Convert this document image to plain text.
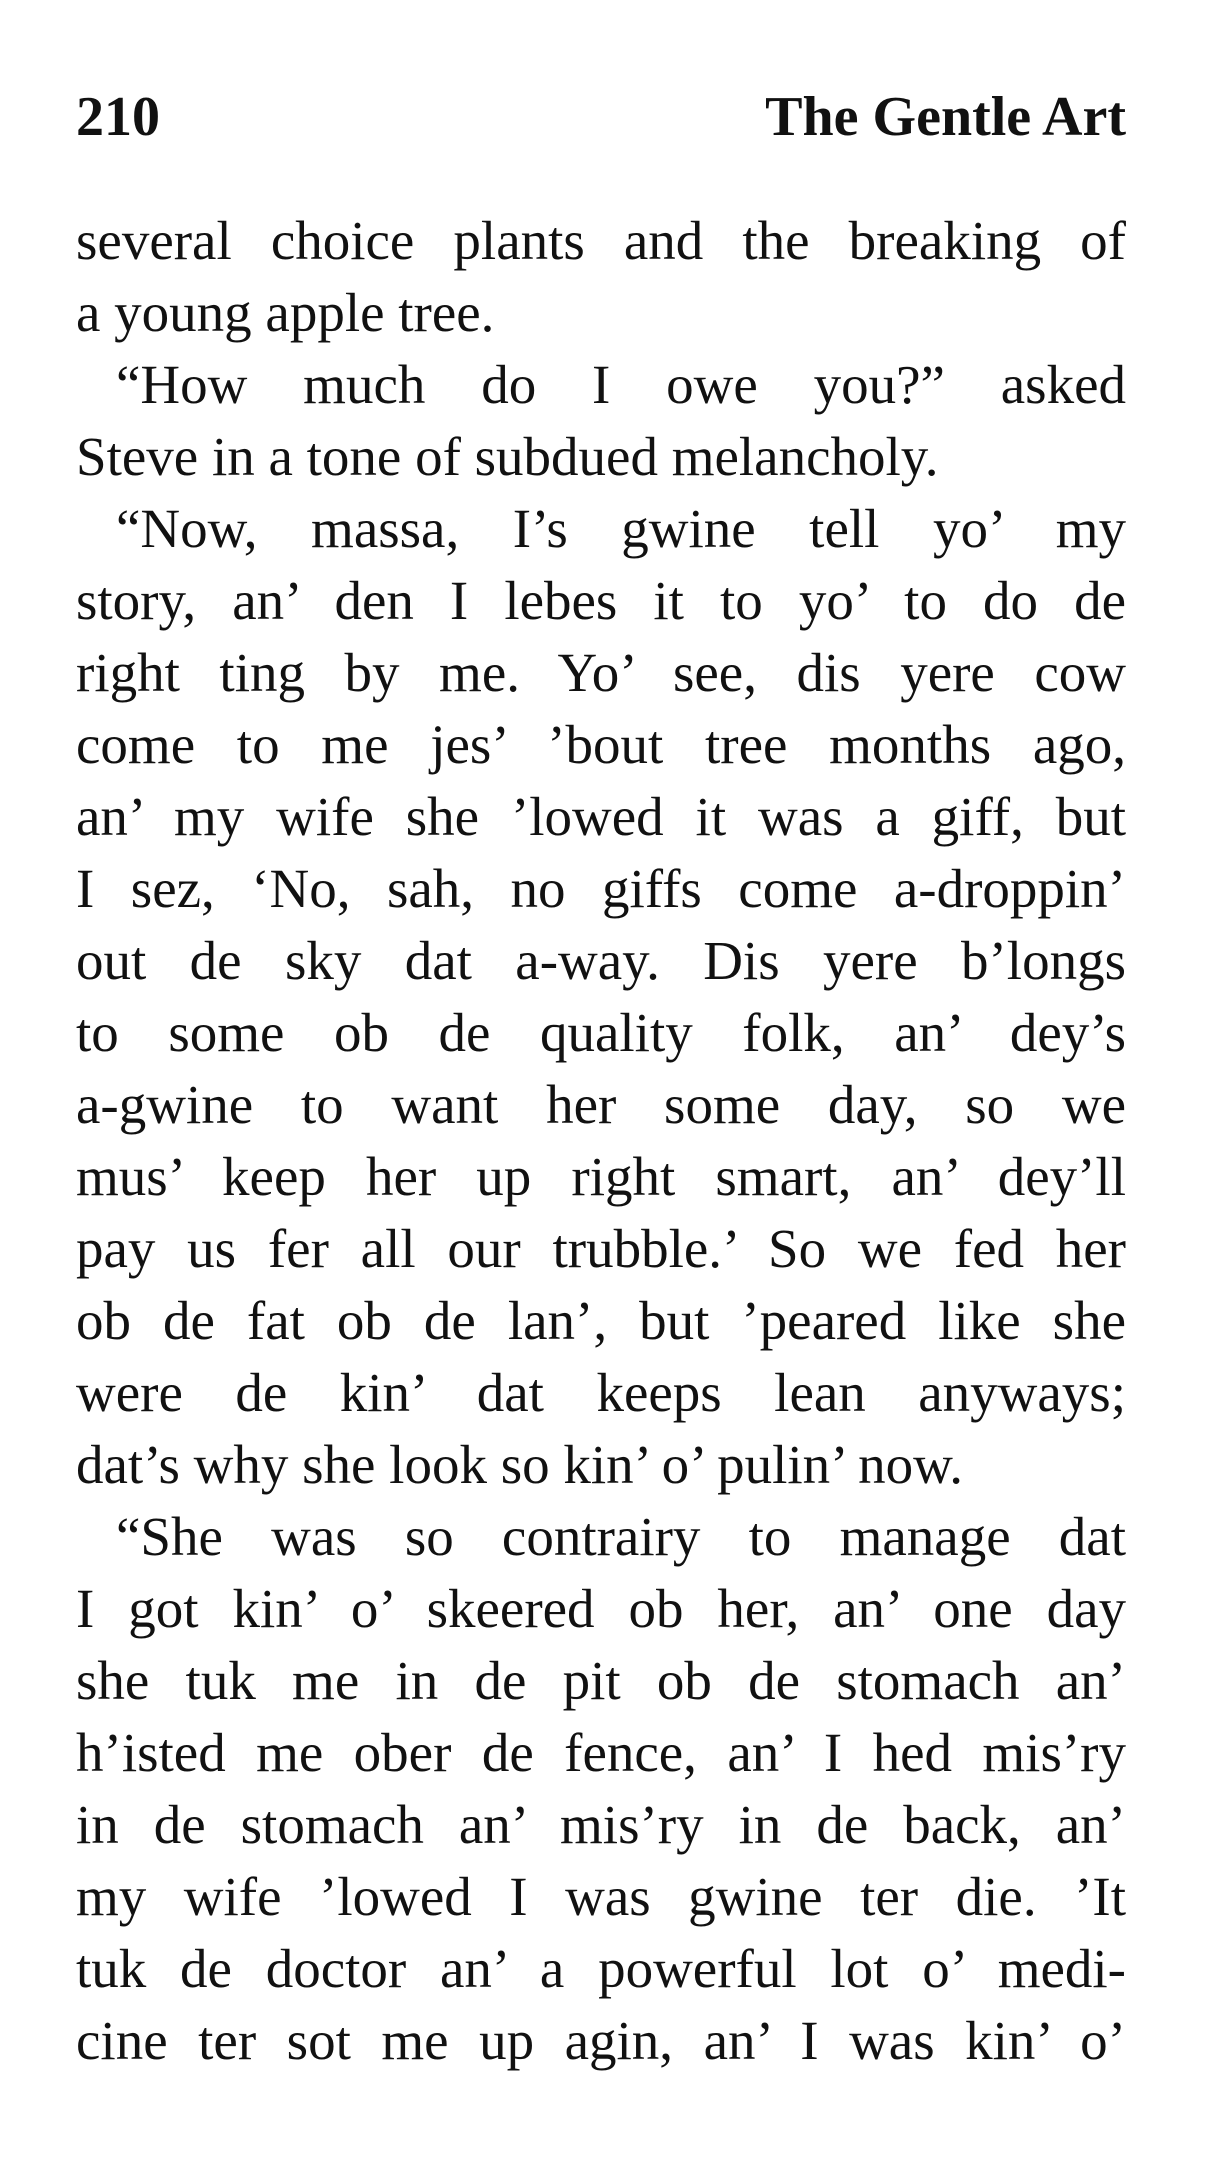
210	The Gentle Art
several choice plants and the breaking of
a young apple tree.
“How much do I owe you?” asked
Steve in a tone of subdued melancholy.
“Now, massa, I’s gwine tell yo’ my
story, an’ den I lebes it to yo’ to do de
right ting by me. Yo’ see, dis yere cow
come to me jes’ ’bout tree months ago,
an’ my wife she ’lowed it was a giff, but
I sez, ‘No, sah, no giffs come a-droppin’
out de sky dat a-way. Dis yere b’longs
to some ob de quality folk, an’ dey’s
a-gwine to want her some day, so we
mus’ keep her up right smart, an’ dey’ll
pay us fer all our trubble.’ So we fed her
ob de fat ob de lan’, but ’peared like she
were de kin’ dat keeps lean anyways;
dat’s why she look so kin’ o’ pulin’ now.
“She was so contrairy to manage dat
I got kin’ o’ skeered ob her, an’ one day
she tuk me in de pit ob de stomach an’
h’isted me ober de fence, an’ I hed mis’ry
in de stomach an’ mis’ry in de back, an’
my wife ’lowed I was gwine ter die. ’It
tuk de doctor an’ a powerful lot o’ medi-
cine ter sot me up agin, an’ I was kin’ o’
